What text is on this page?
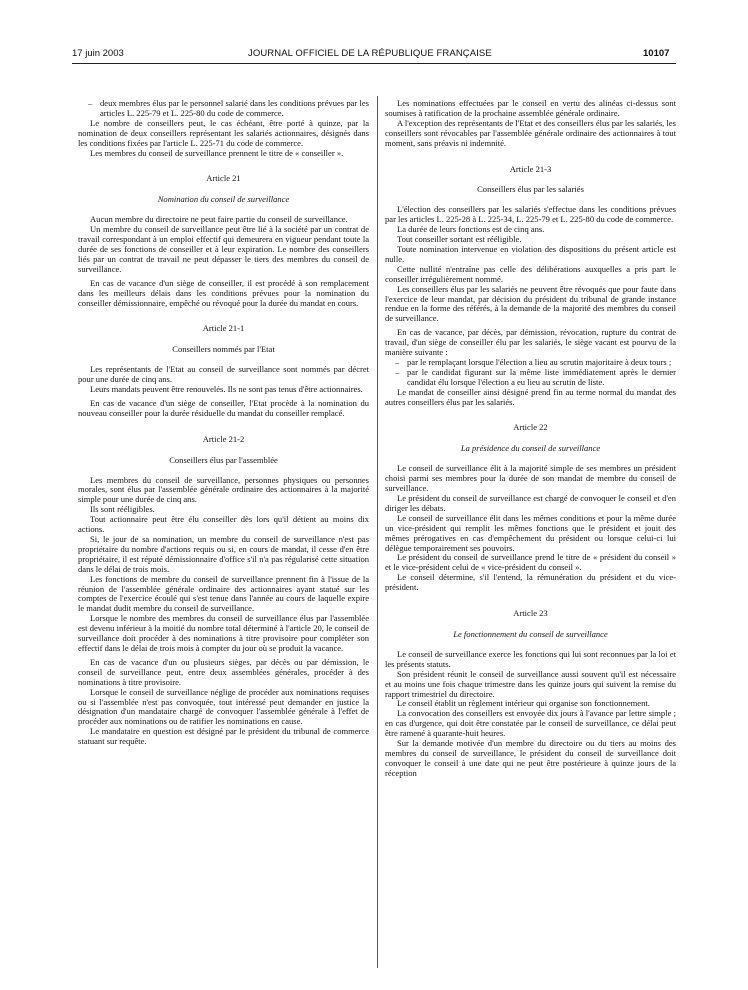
17 juin 2003	JOURNAL OFFICIEL DE LA RÉPUBLIQUE FRANÇAISE	10107

– deux membres élus par le personnel salarié dans les conditions prévues par les articles L. 225-79 et L. 225-80 du code de commerce.

Le nombre de conseillers peut, le cas échéant, être porté à quinze, par la nomination de deux conseillers représentant les salariés actionnaires, désignés dans les conditions fixées par l'article L. 225-71 du code de commerce.

Les membres du conseil de surveillance prennent le titre de « conseiller ».

Article 21

Nomination du conseil de surveillance

Aucun membre du directoire ne peut faire partie du conseil de surveillance.

Un membre du conseil de surveillance peut être lié à la société par un contrat de travail correspondant à un emploi effectif qui demeurera en vigueur pendant toute la durée de ses fonctions de conseiller et à leur expiration. Le nombre des conseillers liés par un contrat de travail ne peut dépasser le tiers des membres du conseil de surveillance.

En cas de vacance d'un siège de conseiller, il est procédé à son remplacement dans les meilleurs délais dans les conditions prévues pour la nomination du conseiller démissionnaire, empêché ou révoqué pour la durée du mandat en cours.

Article 21-1

Conseillers nommés par l'Etat

Les représentants de l'Etat au conseil de surveillance sont nommés par décret pour une durée de cinq ans.

Leurs mandats peuvent être renouvelés. Ils ne sont pas tenus d'être actionnaires.

En cas de vacance d'un siège de conseiller, l'Etat procède à la nomination du nouveau conseiller pour la durée résiduelle du mandat du conseiller remplacé.

Article 21-2

Conseillers élus par l'assemblée

Les membres du conseil de surveillance, personnes physiques ou personnes morales, sont élus par l'assemblée générale ordinaire des actionnaires à la majorité simple pour une durée de cinq ans.

Ils sont rééligibles.

Tout actionnaire peut être élu conseiller dès lors qu'il détient au moins dix actions.

Si, le jour de sa nomination, un membre du conseil de surveillance n'est pas propriétaire du nombre d'actions requis ou si, en cours de mandat, il cesse d'en être propriétaire, il est réputé démissionnaire d'office s'il n'a pas régularisé cette situation dans le délai de trois mois.

Les fonctions de membre du conseil de surveillance prennent fin à l'issue de la réunion de l'assemblée générale ordinaire des actionnaires ayant statué sur les comptes de l'exercice écoulé qui s'est tenue dans l'année au cours de laquelle expire le mandat dudit membre du conseil de surveillance.

Lorsque le nombre des membres du conseil de surveillance élus par l'assemblée est devenu inférieur à la moitié du nombre total déterminé à l'article 20, le conseil de surveillance doit procéder à des nominations à titre provisoire pour compléter son effectif dans le délai de trois mois à compter du jour où se produit la vacance.

En cas de vacance d'un ou plusieurs sièges, par décès ou par démission, le conseil de surveillance peut, entre deux assemblées générales, procéder à des nominations à titre provisoire.

Lorsque le conseil de surveillance néglige de procéder aux nominations requises ou si l'assemblée n'est pas convoquée, tout intéressé peut demander en justice la désignation d'un mandataire chargé de convoquer l'assemblée générale à l'effet de procéder aux nominations ou de ratifier les nominations en cause.

Le mandataire en question est désigné par le président du tribunal de commerce statuant sur requête.

Les nominations effectuées par le conseil en vertu des alinéas ci-dessus sont soumises à ratification de la prochaine assemblée générale ordinaire.

A l'exception des représentants de l'Etat et des conseillers élus par les salariés, les conseillers sont révocables par l'assemblée générale ordinaire des actionnaires à tout moment, sans préavis ni indemnité.

Article 21-3

Conseillers élus par les salariés

L'élection des conseillers par les salariés s'effectue dans les conditions prévues par les articles L. 225-28 à L. 225-34, L. 225-79 et L. 225-80 du code de commerce.

La durée de leurs fonctions est de cinq ans.

Tout conseiller sortant est rééligible.

Toute nomination intervenue en violation des dispositions du présent article est nulle.

Cette nullité n'entraîne pas celle des délibérations auxquelles a pris part le conseiller irrégulièrement nommé.

Les conseillers élus par les salariés ne peuvent être révoqués que pour faute dans l'exercice de leur mandat, par décision du président du tribunal de grande instance rendue en la forme des référés, à la demande de la majorité des membres du conseil de surveillance.

En cas de vacance, par décès, par démission, révocation, rupture du contrat de travail, d'un siège de conseiller élu par les salariés, le siège vacant est pourvu de la manière suivante :

– par le remplaçant lorsque l'élection a lieu au scrutin majoritaire à deux tours ;

– par le candidat figurant sur la même liste immédiatement après le dernier candidat élu lorsque l'élection a eu lieu au scrutin de liste.

Le mandat de conseiller ainsi désigné prend fin au terme normal du mandat des autres conseillers élus par les salariés.

Article 22

La présidence du conseil de surveillance

Le conseil de surveillance élit à la majorité simple de ses membres un président choisi parmi ses membres pour la durée de son mandat de membre du conseil de surveillance.

Le président du conseil de surveillance est chargé de convoquer le conseil et d'en diriger les débats.

Le conseil de surveillance élit dans les mêmes conditions et pour la même durée un vice-président qui remplit les mêmes fonctions que le président et jouit des mêmes prérogatives en cas d'empêchement du président ou lorsque celui-ci lui délègue temporairement ses pouvoirs.

Le président du conseil de surveillance prend le titre de « président du conseil » et le vice-président celui de « vice-président du conseil ».

Le conseil détermine, s'il l'entend, la rémunération du président et du vice-président.

Article 23

Le fonctionnement du conseil de surveillance

Le conseil de surveillance exerce les fonctions qui lui sont reconnues par la loi et les présents statuts.

Son président réunit le conseil de surveillance aussi souvent qu'il est nécessaire et au moins une fois chaque trimestre dans les quinze jours qui suivent la remise du rapport trimestriel du directoire.

Le conseil établit un règlement intérieur qui organise son fonctionnement.

La convocation des conseillers est envoyée dix jours à l'avance par lettre simple ; en cas d'urgence, qui doit être constatée par le conseil de surveillance, ce délai peut être ramené à quarante-huit heures.

Sur la demande motivée d'un membre du directoire ou du tiers au moins des membres du conseil de surveillance, le président du conseil de surveillance doit convoquer le conseil à une date qui ne peut être postérieure à quinze jours de la réception
